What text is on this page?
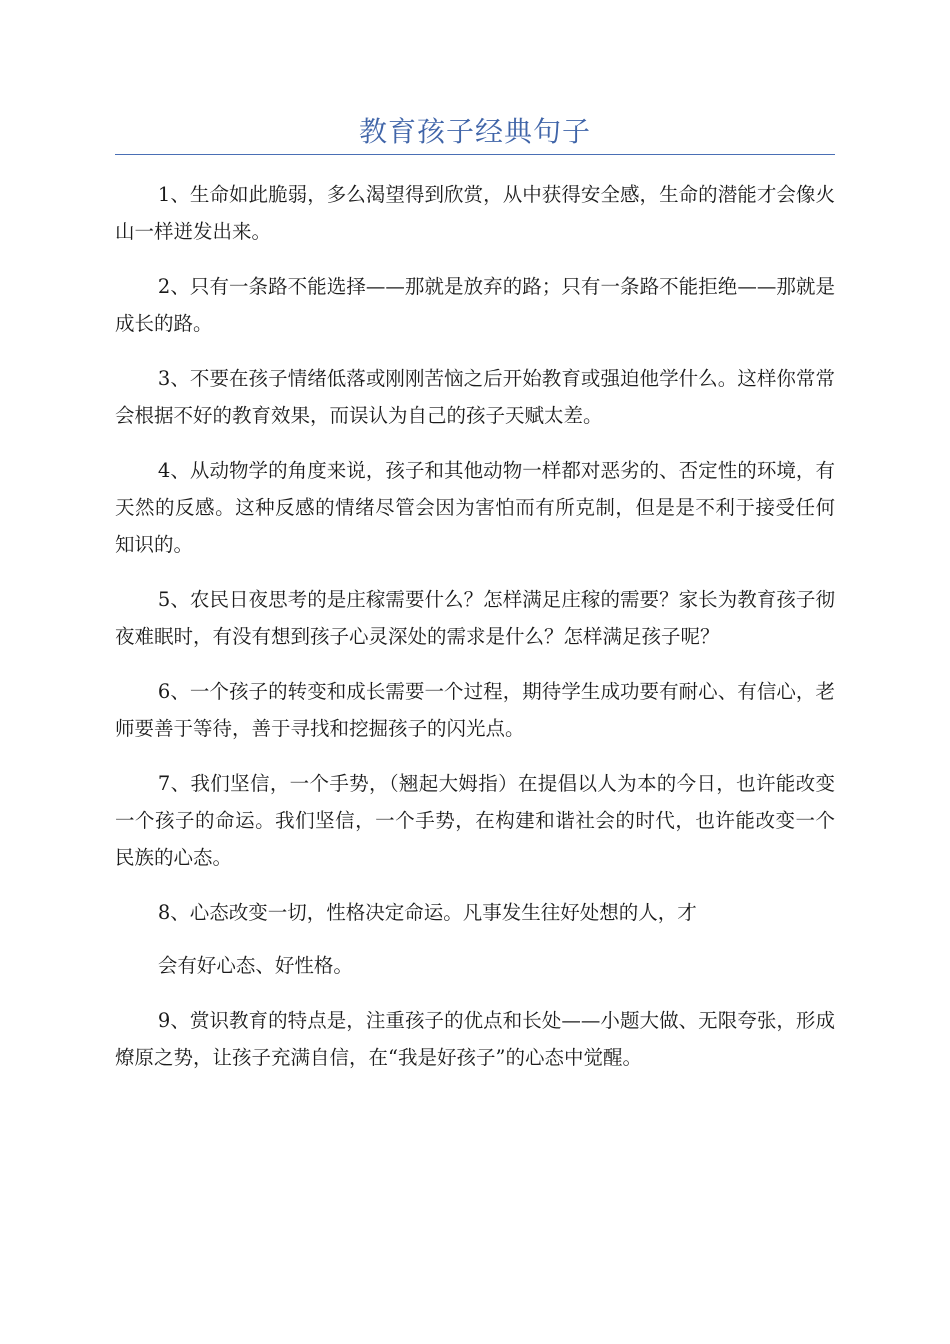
教育孩子经典句子

1、生命如此脆弱，多么渴望得到欣赏，从中获得安全感，生命的潜能才会像火山一样迸发出来。

2、只有一条路不能选择——那就是放弃的路；只有一条路不能拒绝——那就是成长的路。

3、不要在孩子情绪低落或刚刚苦恼之后开始教育或强迫他学什么。这样你常常会根据不好的教育效果，而误认为自己的孩子天赋太差。

4、从动物学的角度来说，孩子和其他动物一样都对恶劣的、否定性的环境，有天然的反感。这种反感的情绪尽管会因为害怕而有所克制，但是是不利于接受任何知识的。

5、农民日夜思考的是庄稼需要什么？怎样满足庄稼的需要？家长为教育孩子彻夜难眠时，有没有想到孩子心灵深处的需求是什么？怎样满足孩子呢？

6、一个孩子的转变和成长需要一个过程，期待学生成功要有耐心、有信心，老师要善于等待，善于寻找和挖掘孩子的闪光点。

7、我们坚信，一个手势，（翘起大姆指）在提倡以人为本的今日，也许能改变一个孩子的命运。我们坚信，一个手势，在构建和谐社会的时代，也许能改变一个民族的心态。

8、心态改变一切，性格决定命运。凡事发生往好处想的人，才

会有好心态、好性格。

9、赏识教育的特点是，注重孩子的优点和长处——小题大做、无限夸张，形成燎原之势，让孩子充满自信，在“我是好孩子”的心态中觉醒。
